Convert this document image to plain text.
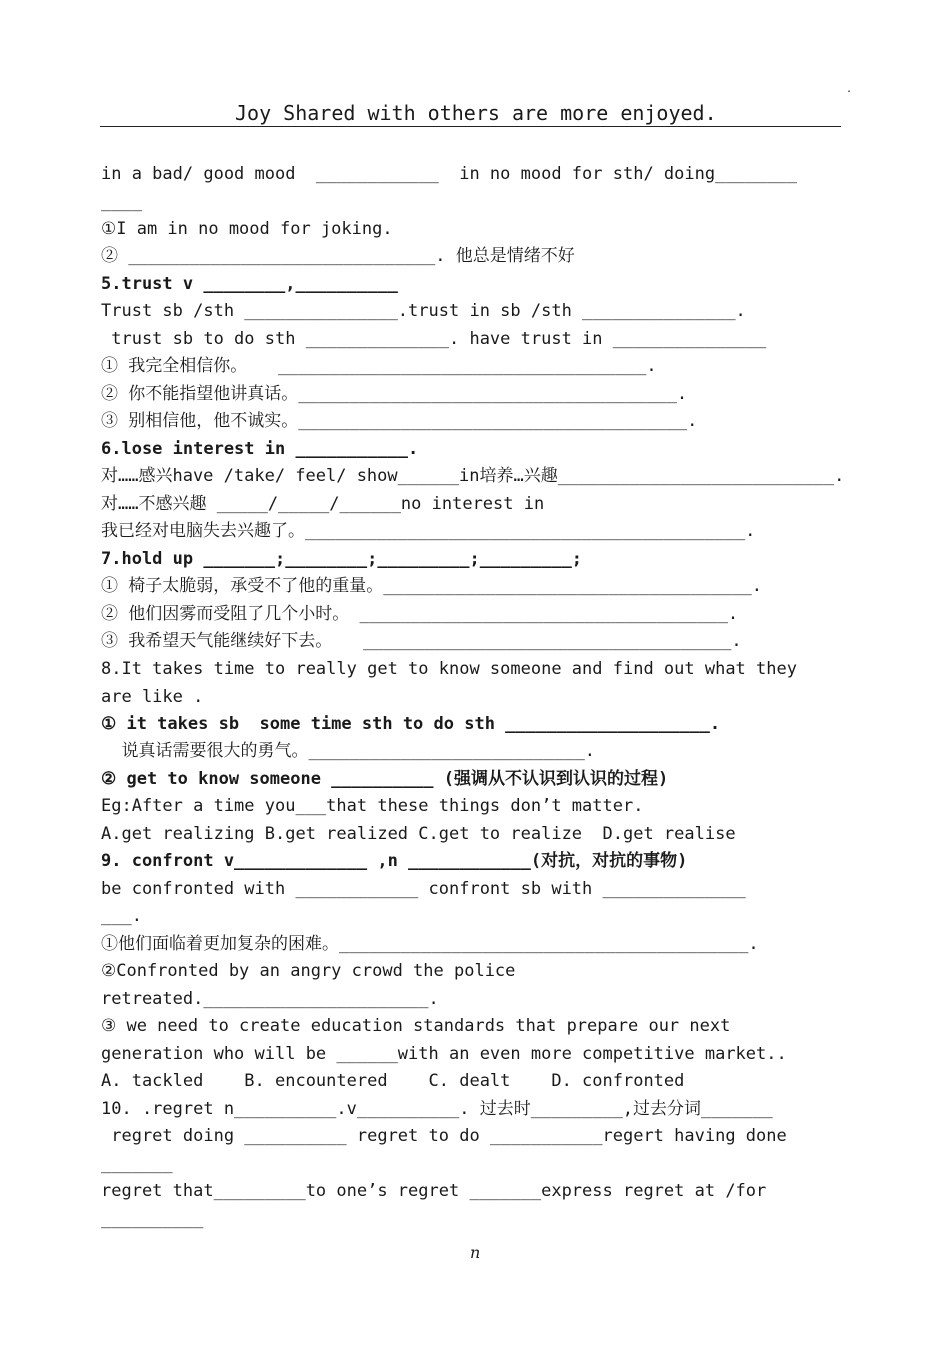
.
Joy Shared with others are more enjoyed.
in a bad/ good mood  ____________  in no mood for sth/ doing________
____
①I am in no mood for joking.
② ______________________________. 他总是情绪不好
5.trust v ________,__________
Trust sb /sth _______________.trust in sb /sth _______________.
trust sb to do sth ______________. have trust in _______________
① 我完全相信你。   ____________________________________.
② 你不能指望他讲真话。_____________________________________.
③ 别相信他，他不诚实。______________________________________.
6.lose interest in ___________.
对……感兴have /take/ feel/ show______in培养…兴趣___________________________.
对……不感兴趣 _____/_____/______no interest in
我已经对电脑失去兴趣了。___________________________________________.
7.hold up _______;________;_________;_________;
① 椅子太脆弱，承受不了他的重量。____________________________________.
② 他们因雾而受阻了几个小时。 ____________________________________.
③ 我希望天气能继续好下去。   ____________________________________.
8.It takes time to really get to know someone and find out what they
are like .
① it takes sb  some time sth to do sth ____________________.
说真话需要很大的勇气。___________________________.
② get to know someone __________ (强调从不认识到认识的过程)
Eg:After a time you___that these things don’t matter.
A.get realizing B.get realized C.get to realize  D.get realise
9. confront v_____________ ,n ____________(对抗，对抗的事物)
be confronted with ____________ confront sb with ______________
___.
①他们面临着更加复杂的困难。________________________________________.
②Confronted by an angry crowd the police
retreated.______________________.
③ we need to create education standards that prepare our next
generation who will be ______with an even more competitive market..
A. tackled    B. encountered    C. dealt    D. confronted
10. .regret n__________.v__________. 过去时_________,过去分词_______
regret doing __________ regret to do ___________regert having done
_______
regret that_________to one’s regret _______express regret at /for
__________
n
